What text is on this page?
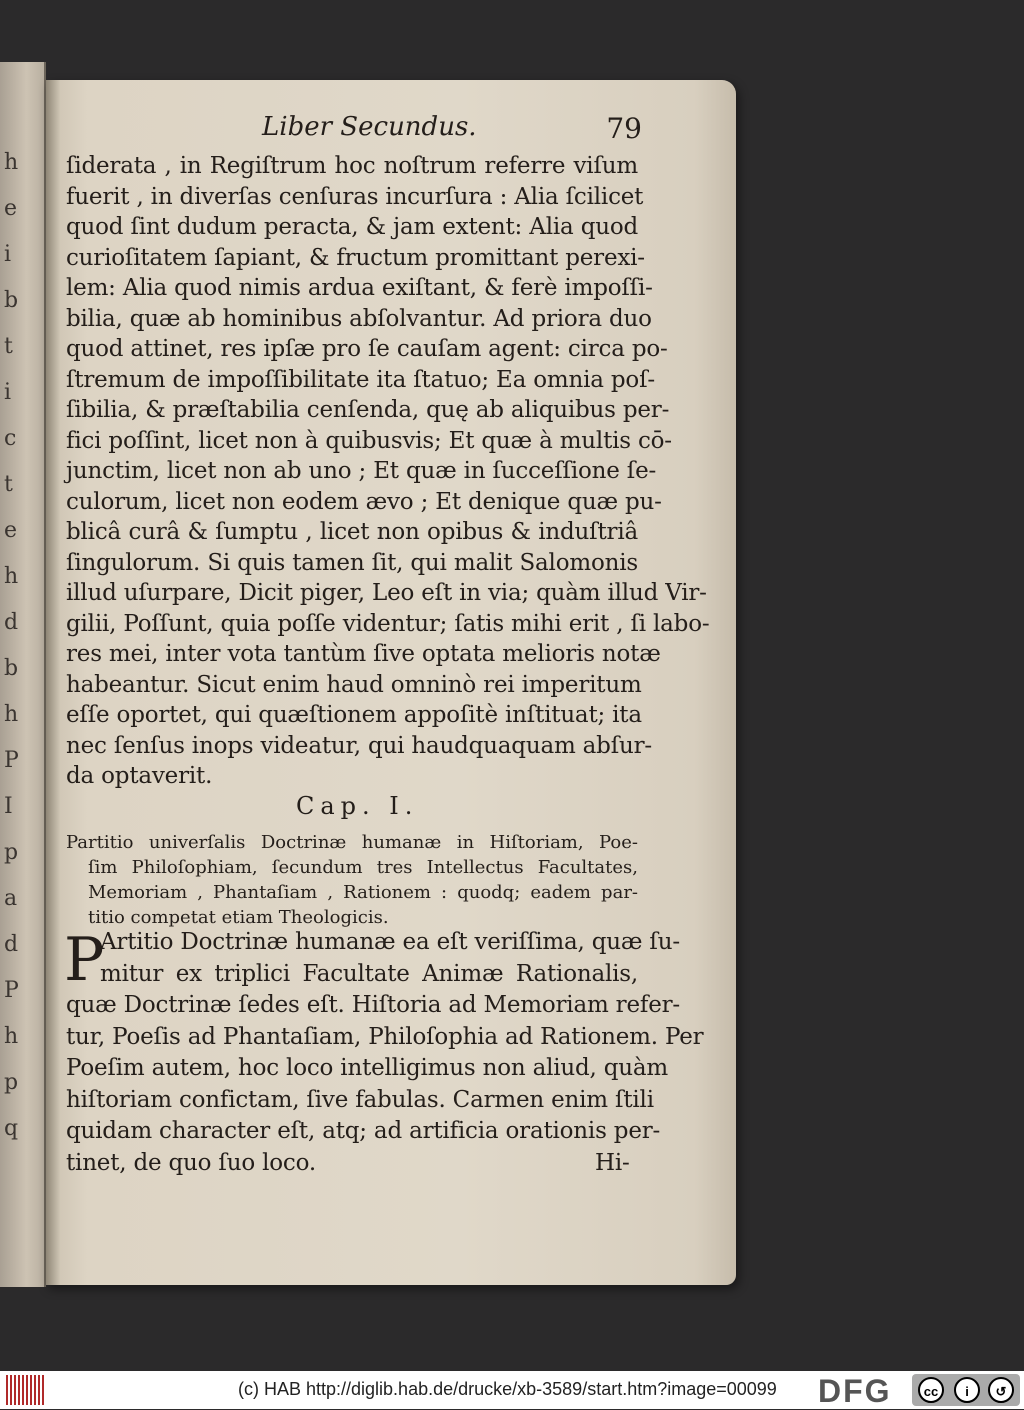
h
e
i
b
t
i
c
t
e
h
d
b
h
P
I
p
a
d
P
h
p
q
Liber Secundus.	79
ſiderata , in Regiſtrum hoc noſtrum referre viſum
fuerit , in diverſas cenſuras incurſura : Alia ſcilicet
quod ſint dudum peracta, & jam extent: Alia quod
curioſitatem ſapiant, & fructum promittant perexi-
lem: Alia quod nimis ardua exiſtant, & ferè impoſſi-
bilia, quæ ab hominibus abſolvantur. Ad priora duo
quod attinet, res ipſæ pro ſe cauſam agent: circa po-
ſtremum de impoſſibilitate ita ſtatuo; Ea omnia poſ-
ſibilia, & præſtabilia cenſenda, quę ab aliquibus per-
fici poſſint, licet non à quibusvis; Et quæ à multis cō-
junctim, licet non ab uno ; Et quæ in ſucceſſione ſe-
culorum, licet non eodem ævo ; Et denique quæ pu-
blicâ curâ & ſumptu , licet non opibus & induſtriâ
ſingulorum. Si quis tamen ſit, qui malit Salomonis
illud uſurpare, Dicit piger, Leo eſt in via; quàm illud Vir-
gilii, Poſſunt, quia poſſe videntur; ſatis mihi erit , ſi labo-
res mei, inter vota tantùm ſive optata melioris notæ
habeantur. Sicut enim haud omninò rei imperitum
eſſe oportet, qui quæſtionem appoſitè inſtituat; ita
nec ſenſus inops videatur, qui haudquaquam abſur-
da optaverit.
Cap. I.
Partitio univerſalis Doctrinæ humanæ in Hiſtoriam, Poe-
ſim Philoſophiam, ſecundum tres Intellectus Facultates,
Memoriam , Phantaſiam , Rationem : quodq; eadem par-
titio competat etiam Theologicis.
P
Artitio Doctrinæ humanæ ea eſt veriſſima, quæ ſu-
mitur ex triplici Facultate Animæ Rationalis,
quæ Doctrinæ ſedes eſt. Hiſtoria ad Memoriam refer-
tur, Poeſis ad Phantaſiam, Philoſophia ad Rationem. Per
Poeſim autem, hoc loco intelligimus non aliud, quàm
hiſtoriam confictam, ſive fabulas. Carmen enim ſtili
quidam character eſt, atq; ad artificia orationis per-
tinet, de quo ſuo loco.	Hi-
(c) HAB http://diglib.hab.de/drucke/xb-3589/start.htm?image=00099 DFG	cc	i	↺
